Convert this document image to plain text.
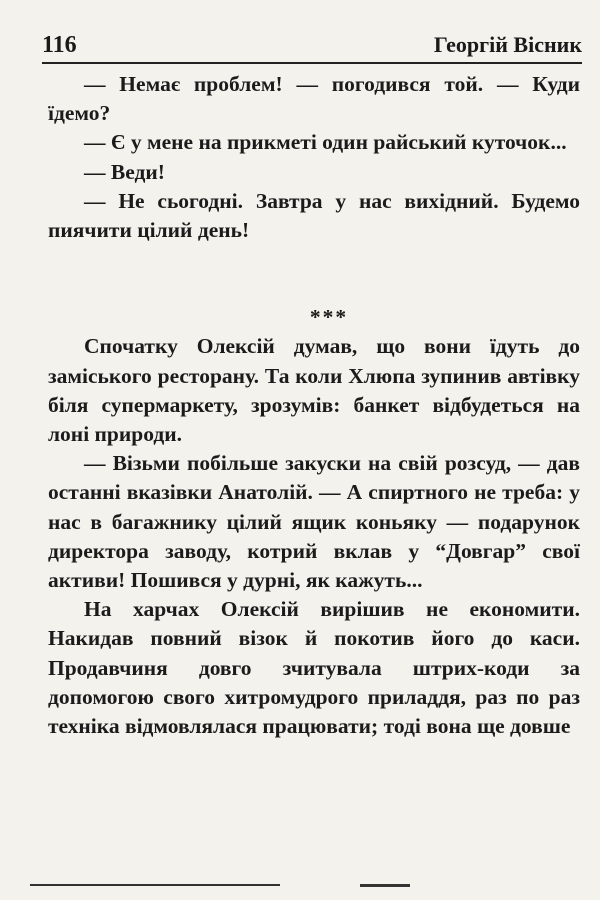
116	Георгій Вісник

— Немає проблем! — погодився той. — Куди їдемо?

— Є у мене на прикметі один райський куточок...

— Веди!

— Не сьогодні. Завтра у нас вихідний. Будемо пиячити цілий день!

***

Спочатку Олексій думав, що вони їдуть до заміського ресторану. Та коли Хлюпа зупинив автівку біля супермаркету, зрозумів: банкет відбудеться на лоні природи.

— Візьми побільше закуски на свій розсуд, — дав останні вказівки Анатолій. — А спиртного не треба: у нас в багажнику цілий ящик коньяку — подарунок директора заводу, котрий вклав у “Довгар” свої активи! Пошився у дурні, як кажуть...

На харчах Олексій вирішив не економити. Накидав повний візок й покотив його до каси. Продавчиня довго зчитувала штрих-коди за допомогою свого хитромудрого приладдя, раз по раз техніка відмовлялася працювати; тоді вона ще довше
